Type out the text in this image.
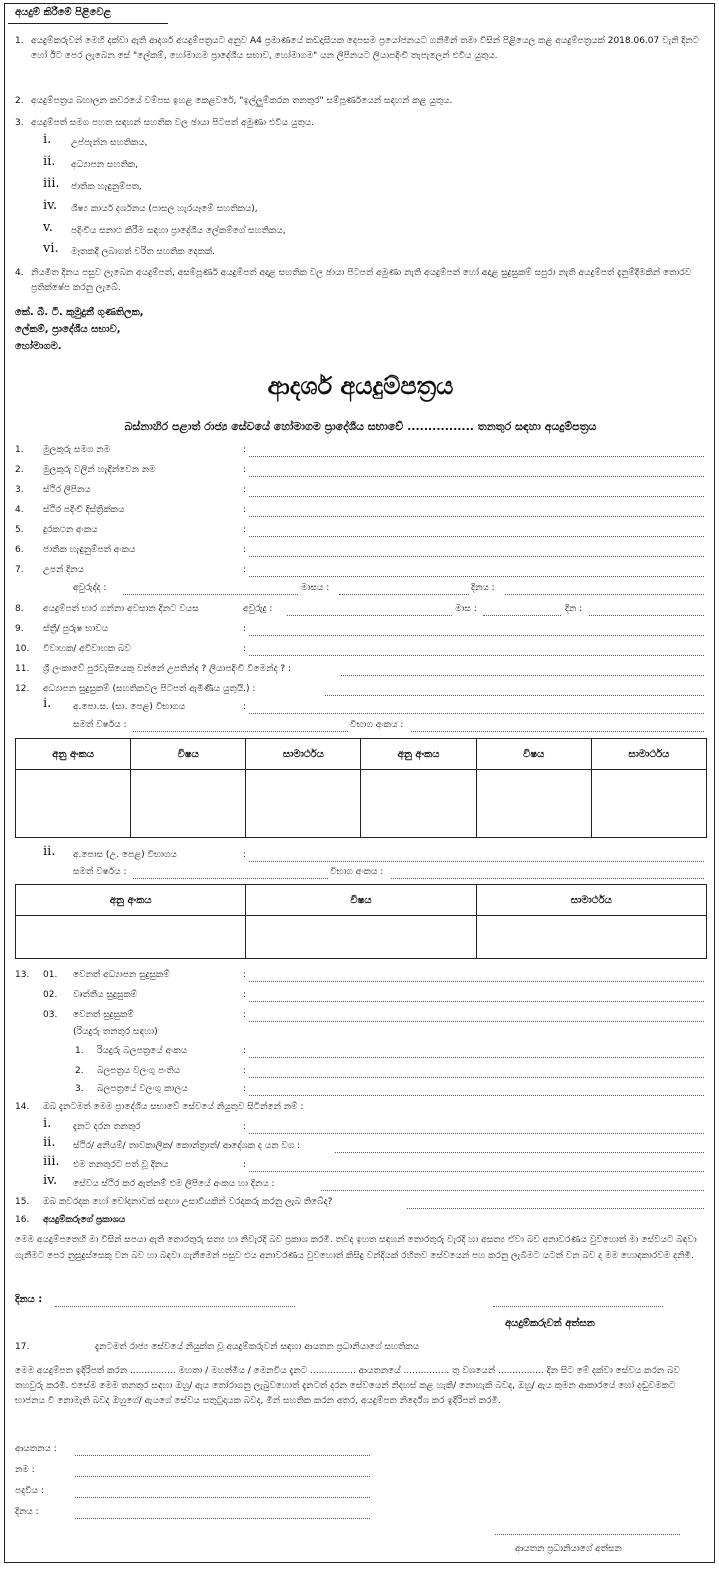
අයදුම් කිරීමේ පිළිවෙළ
1. අයදුම්කරුවන් මෙහි දක්වා ඇති ආදර්ශ අයදුම්පත්‍රයට අනුව A4 ප්‍රමාණයේ කඩදාසියක දෙපසම ප්‍රයෝජනයට ගනිමින් තමා විසින් පිළියෙල කළ අයදුම්පත්‍රයක් 2018.06.07 වැනි දිනට හෝ ඊට පෙර ලැබෙන සේ "ලේකම්, හෝමාගම ප්‍රාදේශීය සභාව, හෝමාගම" යන ලිපිනයට ලියාපදිංචි තැපැලෙන් එවිය යුතුය.
2. අයදුම්පත්‍රය බහාලන කවරයේ වම්පස ඉහළ කෙළවරේ, "ඉල්ලුම්කරන තනතුර" සම්පූර්ණයෙන් සඳහන් කළ යුතුය.
3. අයදුම්පත් සමග පහත සඳහන් සහතික වල ඡායා පිටපත් අමුණා එවිය යුතුය.
i. උප්පැන්න සහතිකය,
ii. අධ්‍යාපන සහතික,
iii. ජාතික හැඳුනුම්පත,
iv. ශිෂ්‍ය කාර්ය දර්ශනය (පාසල හැරයෑමේ සහතිකය),
v. පදිංචිය සනාථ කිරීම සඳහා ප්‍රාදේශීය ලේකම්ගේ සහතිකය,
vi. මෑතකදී ලබාගත් චරිත සහතික දෙකක්.
4. නියමිත දිනය පසුව ලැබෙන අයදුම්පත්, අසම්පූර්ණ අයදුම්පත් අදාළ සහතික වල ඡායා පිටපත් අමුණා නැති අයදුම්පත් හෝ අදාළ සුදුසුකම් සපුරා නැති අයදුම්පත් දැනුම්දීමකින් තොරව ප්‍රතික්ෂේප කරනු ලැබේ.
කේ. බී. ටී. කුමුදුනී ගුණතිලක,
ලේකම්, ප්‍රාදේශීය සභාව,
හෝමාගම.
ආදර්ශ අයදුම්පත්‍රය
බස්නාහිර පළාත් රාජ්‍ය සේවයේ හෝමාගම ප්‍රාදේශීය සභාවේ ................ තනතුර සඳහා අයදුම්පත්‍රය
1. මුලකුරු සමග නම	:
2. මුලකුරු වලින් හැඳින්වෙන නම	:
3. ස්ථිර ලිපිනය	:
4. ස්ථිර පදිංචි දිස්ත්‍රික්කය	:
5. දුරකථන අංකය	:
6. ජාතික හැඳුනුම්පත් අංකය	:
7. උපන් දිනය	:
අවුරුද්ද :	මාසය :	දිනය :
8. අයදුම්පත් භාර ගන්නා අවසාන දිනට වයස	අවුරුදු :	මාස :	දින :
9. ස්ත්‍රී/ පුරුෂ භාවය	:
10. විවාහක/ අවිවාහක බව	:
11. ශ්‍රී ලංකාවේ පුරවැසියෙකු වන්නේ උපතින්ද ? ලියාපදිංචි වීමෙන්ද ? :
12. අධ්‍යාපන සුදුසුකම් (සහතිකවල පිටපත් ඇමිණිය යුතුයි.) :
i. අ.පො.ස. (සා. පෙළ) විභාගය	:
සමත් වර්ෂය :	විභාග අංකය :
අනු අංකය	විෂය	සාමාර්ථය	අනු අංකය	විෂය	සාමාර්ථය

ii. අ.පොස (උ. පෙළ) විභාගය	:
සමත් වර්ෂය :	විභාග අංකය :
අනු අංකය	විෂය	සාමාර්ථය

13. 01. වෙනත් අධ්‍යාපන සුදුසුකම්	:
02. වෘත්තීය සුදුසුකම්	:
03. වෙනත් සුදුසුකම්	:
(රියදුරු තනතුර සඳහා)
1. රියදුරු බලපත්‍රයේ අංකය	:
2. බලපත්‍රය වලංගු පංතිය	:
3. බලපත්‍රයේ වලංගු කාලය	:
14. ඔබ දැනටමත් මෙම ප්‍රාදේශීය සභාවේ සේවයේ නියුතුව සිටින්නේ නම් :
i. දැනට දරන තනතුර	:
ii. ස්ථිර/ අනියම්/ තාවකාලික/ කොන්ත්‍රාත්/ ආදේශක ද යන වග :
iii. එම තනතුරට පත් වූ දිනය	:
iv. සේවය ස්ථිර කර ඇත්නම් එම ලිපියේ අංකය හා දිනය :
15. ඔබ කවරදක හෝ චෝදනාවක් සඳහා උසාවියකින් වරදකරු කරනු ලැබ තිබේද?
16. අයදුම්කරුගේ ප්‍රකාශය
මෙම අයදුම්පතෙහි මා විසින් සපයා ඇති තොරතුරු සත්‍ය හා නිවැරදි බව ප්‍රකාශ කරමි. තවද ඉහත සඳහන් තොරතුරු වැරදි හා අසත්‍ය ඒවා බව අනාවරණය වුවහොත් මා සේවයට බඳවා ගැනීමට පෙර නුසුදුස්සෙකු වන බව හා බඳවා ගැනීමෙන් පසුව එය අනාවරණය වුවහොත් කිසිදු වන්දියක් රහිතව සේවයෙන් පහ කරනු ලැබීමට යටත් වන බව ද මම හොඳකාරවම දනිමි.
දිනය :
අයදුම්කරුවන් අත්සන
17.	දැනටමත් රාජ්‍ය සේවයේ නියුක්ත වූ අයදුම්කරුවන් සඳහා ආයතන ප්‍රධානියාගේ සහතිකය
මෙම අයදුම්පත ඉදිරිපත් කරන ................ මහතා / මහත්මිය / මෙනවිය දැනට ................ ආයතනයේ ................ තු වශයෙන් ................ දින සිට මේ දක්වා සේවය කරන බව තහවුරු කරමි. එසේම මෙම තනතුර සඳහා ඔහු/ ඇය තෝරාගනු ලැබුවහොත් දැනටත් දරන සේවයෙන් නිදහස් කළ හැකි/ නොහැකි බවද, ඔහු/ ඇය කුමන ආකාරයේ හෝ දඬුවමකට භාජනය වී නොමැති බවද ඔහුගේ/ ඇයගේ සේවය සතුටුදායක බවද, මින් සහතික කරන අතර, අයදුම්පත නිර්දේශ කර ඉදිරිපත් කරමි.
ආයතනය :
නම :
පදවිය :
දිනය :
ආයතන ප්‍රධානියාගේ අත්සන
